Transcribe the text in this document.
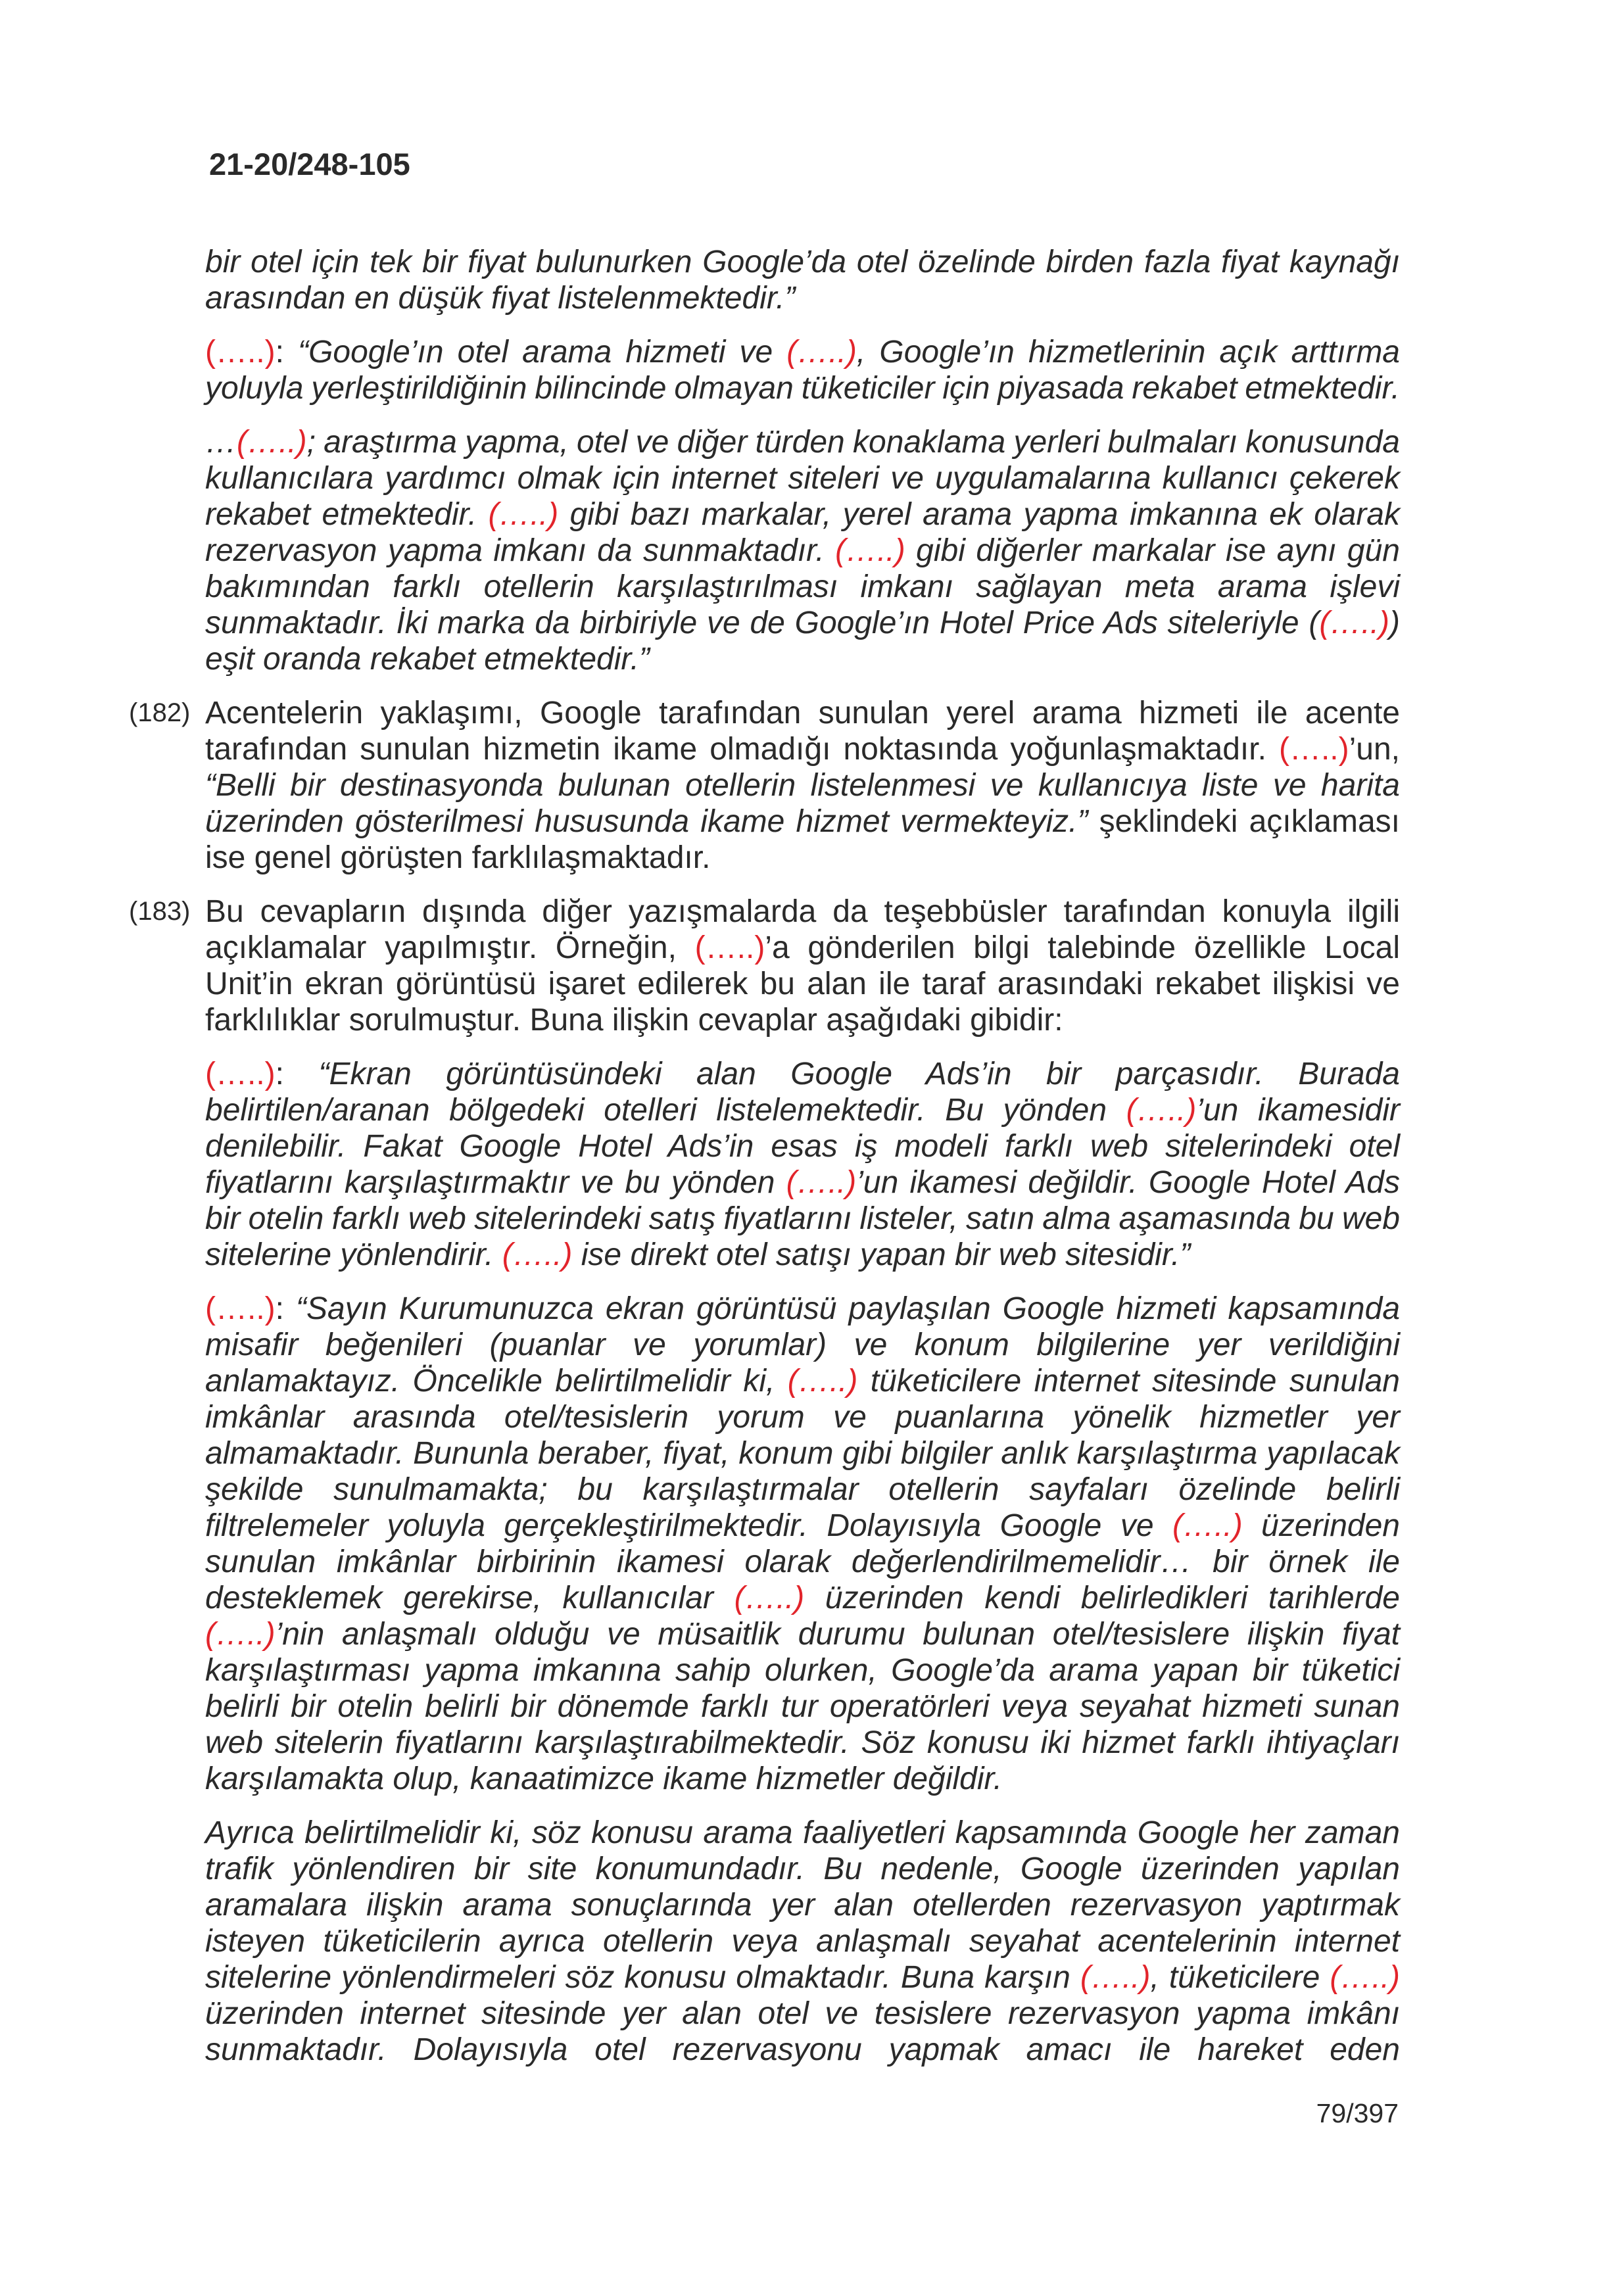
21-20/248-105
bir otel için tek bir fiyat bulunurken Google’da otel özelinde birden fazla fiyat kaynağı
arasından en düşük fiyat listelenmektedir.”
(…..): “Google’ın otel arama hizmeti ve (…..), Google’ın hizmetlerinin açık arttırma
yoluyla yerleştirildiğinin bilincinde olmayan tüketiciler için piyasada rekabet etmektedir.
…(…..); araştırma yapma, otel ve diğer türden konaklama yerleri bulmaları konusunda
kullanıcılara yardımcı olmak için internet siteleri ve uygulamalarına kullanıcı çekerek
rekabet etmektedir. (…..) gibi bazı markalar, yerel arama yapma imkanına ek olarak
rezervasyon yapma imkanı da sunmaktadır. (…..) gibi diğerler markalar ise aynı gün
bakımından farklı otellerin karşılaştırılması imkanı sağlayan meta arama işlevi
sunmaktadır. İki marka da birbiriyle ve de Google’ın Hotel Price Ads siteleriyle ((…..))
eşit oranda rekabet etmektedir.”
(182) Acentelerin yaklaşımı, Google tarafından sunulan yerel arama hizmeti ile acente
tarafından sunulan hizmetin ikame olmadığı noktasında yoğunlaşmaktadır. (…..)’un,
“Belli bir destinasyonda bulunan otellerin listelenmesi ve kullanıcıya liste ve harita
üzerinden gösterilmesi hususunda ikame hizmet vermekteyiz.” şeklindeki açıklaması
ise genel görüşten farklılaşmaktadır.
(183) Bu cevapların dışında diğer yazışmalarda da teşebbüsler tarafından konuyla ilgili
açıklamalar yapılmıştır. Örneğin, (…..)’a gönderilen bilgi talebinde özellikle Local
Unit’in ekran görüntüsü işaret edilerek bu alan ile taraf arasındaki rekabet ilişkisi ve
farklılıklar sorulmuştur. Buna ilişkin cevaplar aşağıdaki gibidir:
(…..): “Ekran görüntüsündeki alan Google Ads’in bir parçasıdır. Burada
belirtilen/aranan bölgedeki otelleri listelemektedir. Bu yönden (…..)’un ikamesidir
denilebilir. Fakat Google Hotel Ads’in esas iş modeli farklı web sitelerindeki otel
fiyatlarını karşılaştırmaktır ve bu yönden (…..)’un ikamesi değildir. Google Hotel Ads
bir otelin farklı web sitelerindeki satış fiyatlarını listeler, satın alma aşamasında bu web
sitelerine yönlendirir. (…..) ise direkt otel satışı yapan bir web sitesidir.”
(…..): “Sayın Kurumunuzca ekran görüntüsü paylaşılan Google hizmeti kapsamında
misafir beğenileri (puanlar ve yorumlar) ve konum bilgilerine yer verildiğini
anlamaktayız. Öncelikle belirtilmelidir ki, (…..) tüketicilere internet sitesinde sunulan
imkânlar arasında otel/tesislerin yorum ve puanlarına yönelik hizmetler yer
almamaktadır. Bununla beraber, fiyat, konum gibi bilgiler anlık karşılaştırma yapılacak
şekilde sunulmamakta; bu karşılaştırmalar otellerin sayfaları özelinde belirli
filtrelemeler yoluyla gerçekleştirilmektedir. Dolayısıyla Google ve (…..) üzerinden
sunulan imkânlar birbirinin ikamesi olarak değerlendirilmemelidir… bir örnek ile
desteklemek gerekirse, kullanıcılar (…..) üzerinden kendi belirledikleri tarihlerde
(…..)’nin anlaşmalı olduğu ve müsaitlik durumu bulunan otel/tesislere ilişkin fiyat
karşılaştırması yapma imkanına sahip olurken, Google’da arama yapan bir tüketici
belirli bir otelin belirli bir dönemde farklı tur operatörleri veya seyahat hizmeti sunan
web sitelerin fiyatlarını karşılaştırabilmektedir. Söz konusu iki hizmet farklı ihtiyaçları
karşılamakta olup, kanaatimizce ikame hizmetler değildir.
Ayrıca belirtilmelidir ki, söz konusu arama faaliyetleri kapsamında Google her zaman
trafik yönlendiren bir site konumundadır. Bu nedenle, Google üzerinden yapılan
aramalara ilişkin arama sonuçlarında yer alan otellerden rezervasyon yaptırmak
isteyen tüketicilerin ayrıca otellerin veya anlaşmalı seyahat acentelerinin internet
sitelerine yönlendirmeleri söz konusu olmaktadır. Buna karşın (…..), tüketicilere (…..)
üzerinden internet sitesinde yer alan otel ve tesislere rezervasyon yapma imkânı
sunmaktadır. Dolayısıyla otel rezervasyonu yapmak amacı ile hareket eden
79/397
